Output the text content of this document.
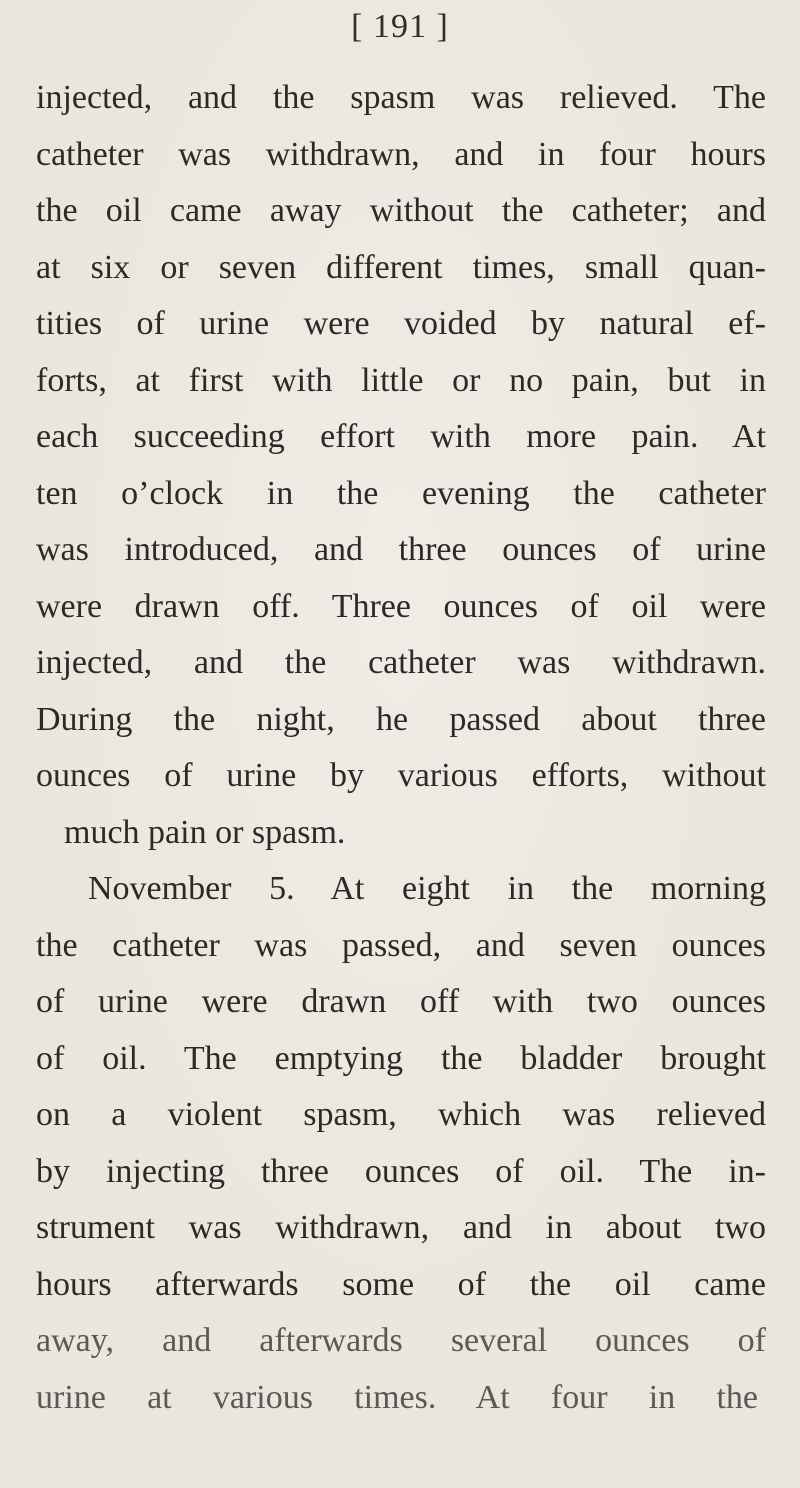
[ 191 ]
injected, and the spasm was relieved. The
catheter was withdrawn, and in four hours
the oil came away without the catheter; and
at six or seven different times, small quan-
tities of urine were voided by natural ef-
forts, at first with little or no pain, but in
each succeeding effort with more pain. At
ten o’clock in the evening the catheter
was introduced, and three ounces of urine
were drawn off. Three ounces of oil were
injected, and the catheter was withdrawn.
During the night, he passed about three
ounces of urine by various efforts, without
much pain or spasm.
November 5. At eight in the morning
the catheter was passed, and seven ounces
of urine were drawn off with two ounces
of oil. The emptying the bladder brought
on a violent spasm, which was relieved
by injecting three ounces of oil. The in-
strument was withdrawn, and in about two
hours afterwards some of the oil came
away, and afterwards several ounces of
urine at various times. At four in the
